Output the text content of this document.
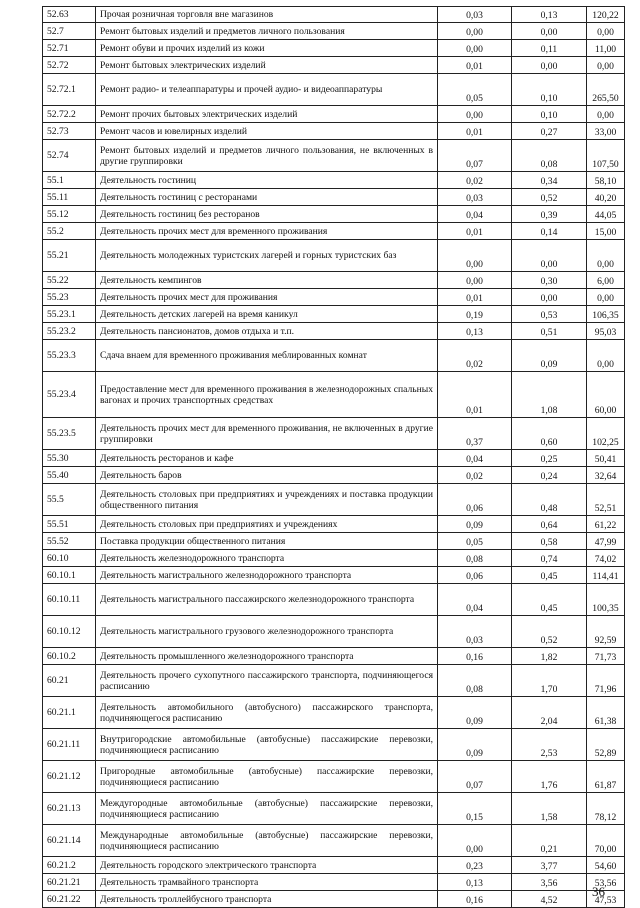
52.63	Прочая розничная торговля вне магазинов	0,03	0,13	120,22
52.7	Ремонт бытовых изделий и предметов личного пользования	0,00	0,00	0,00
52.71	Ремонт обуви и прочих изделий из кожи	0,00	0,11	11,00
52.72	Ремонт бытовых электрических изделий	0,01	0,00	0,00
52.72.1	Ремонт радио- и телеаппаратуры и прочей аудио- и видеоаппаратуры	0,05	0,10	265,50
52.72.2	Ремонт прочих бытовых электрических изделий	0,00	0,10	0,00
52.73	Ремонт часов и ювелирных изделий	0,01	0,27	33,00
52.74	Ремонт бытовых изделий и предметов личного пользования, не включенных в другие группировки	0,07	0,08	107,50
55.1	Деятельность гостиниц	0,02	0,34	58,10
55.11	Деятельность гостиниц с ресторанами	0,03	0,52	40,20
55.12	Деятельность гостиниц без ресторанов	0,04	0,39	44,05
55.2	Деятельность прочих мест для временного проживания	0,01	0,14	15,00
55.21	Деятельность молодежных туристских лагерей и горных туристских баз	0,00	0,00	0,00
55.22	Деятельность кемпингов	0,00	0,30	6,00
55.23	Деятельность прочих мест для проживания	0,01	0,00	0,00
55.23.1	Деятельность детских лагерей на время каникул	0,19	0,53	106,35
55.23.2	Деятельность пансионатов, домов отдыха и т.п.	0,13	0,51	95,03
55.23.3	Сдача внаем для временного проживания меблированных комнат	0,02	0,09	0,00
55.23.4	Предоставление мест для временного проживания в железнодорожных спальных вагонах и прочих транспортных средствах	0,01	1,08	60,00
55.23.5	Деятельность прочих мест для временного проживания, не включенных в другие группировки	0,37	0,60	102,25
55.30	Деятельность ресторанов и кафе	0,04	0,25	50,41
55.40	Деятельность баров	0,02	0,24	32,64
55.5	Деятельность столовых при предприятиях и учреждениях и поставка продукции общественного питания	0,06	0,48	52,51
55.51	Деятельность столовых при предприятиях и учреждениях	0,09	0,64	61,22
55.52	Поставка продукции общественного питания	0,05	0,58	47,99
60.10	Деятельность железнодорожного транспорта	0,08	0,74	74,02
60.10.1	Деятельность магистрального железнодорожного транспорта	0,06	0,45	114,41
60.10.11	Деятельность магистрального пассажирского железнодорожного транспорта	0,04	0,45	100,35
60.10.12	Деятельность магистрального грузового железнодорожного транспорта	0,03	0,52	92,59
60.10.2	Деятельность промышленного железнодорожного транспорта	0,16	1,82	71,73
60.21	Деятельность прочего сухопутного пассажирского транспорта, подчиняющегося расписанию	0,08	1,70	71,96
60.21.1	Деятельность автомобильного (автобусного) пассажирского транспорта, подчиняющегося расписанию	0,09	2,04	61,38
60.21.11	Внутригородские автомобильные (автобусные) пассажирские перевозки, подчиняющиеся расписанию	0,09	2,53	52,89
60.21.12	Пригородные автомобильные (автобусные) пассажирские перевозки, подчиняющиеся расписанию	0,07	1,76	61,87
60.21.13	Междугородные автомобильные (автобусные) пассажирские перевозки, подчиняющиеся расписанию	0,15	1,58	78,12
60.21.14	Международные автомобильные (автобусные) пассажирские перевозки, подчиняющиеся расписанию	0,00	0,21	70,00
60.21.2	Деятельность городского электрического транспорта	0,23	3,77	54,60
60.21.21	Деятельность трамвайного транспорта	0,13	3,56	53,56
60.21.22	Деятельность троллейбусного транспорта	0,16	4,52	47,53
36
